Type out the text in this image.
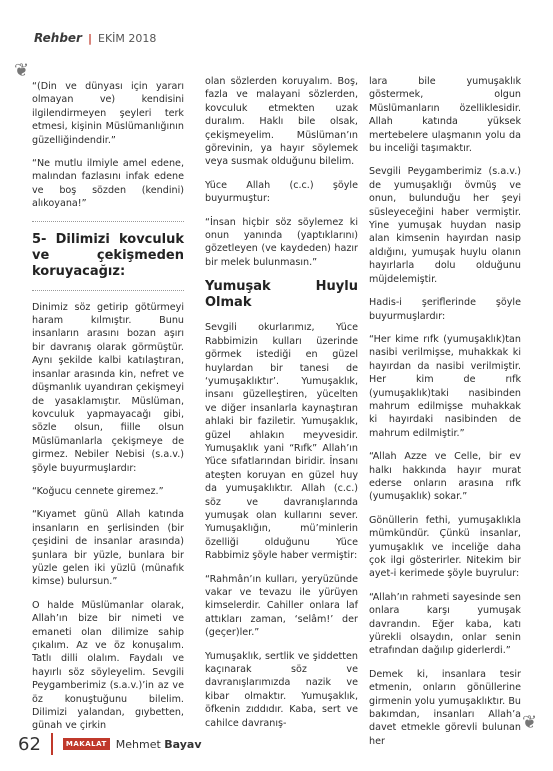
Rehber | EKİM 2018
❦
❦

“(Din ve dünyası için yararı olmayan ve) kendisini ilgilendirmeyen şeyleri terk etmesi, kişinin Müslümanlığının güzelliğindendir.”

“Ne mutlu ilmiyle amel edene, malından fazlasını infak edene ve boş sözden (kendini) alıkoyana!”

5- Dilimizi kovculuk ve çekişmeden koruyacağız:

Dinimiz söz getirip götürmeyi haram kılmıştır. Bunu insanların arasını bozan aşırı bir davranış olarak görmüştür. Aynı şekilde kalbi katılaştıran, insanlar arasında kin, nefret ve düşmanlık uyandıran çekişmeyi de yasaklamıştır. Müslüman, kovculuk yapmayacağı gibi, sözle olsun, fiille olsun Müslümanlarla çekişmeye de girmez. Nebiler Nebisi (s.a.v.) şöyle buyurmuşlardır:

“Koğucu cennete giremez.”

“Kıyamet günü Allah katında insanların en şerlisinden (bir çeşidini de insanlar arasında) şunlara bir yüzle, bunlara bir yüzle gelen iki yüzlü (münafık kimse) bulursun.”

O halde Müslümanlar olarak, Allah’ın bize bir nimeti ve emaneti olan dilimize sahip çıkalım. Az ve öz konuşalım. Tatlı dilli olalım. Faydalı ve hayırlı söz söyleyelim. Sevgili Peygamberimiz (s.a.v.)’in az ve öz konuştuğunu bilelim. Dilimizi yalandan, gıybetten, günah ve çirkin

olan sözlerden koruyalım. Boş, fazla ve malayani sözlerden, kovculuk etmekten uzak duralım. Haklı bile olsak, çekişmeyelim. Müslüman’ın görevinin, ya hayır söylemek veya susmak olduğunu bilelim.

Yüce Allah (c.c.) şöyle buyurmuştur:

“İnsan hiçbir söz söylemez ki onun yanında (yaptıklarını) gözetleyen (ve kaydeden) hazır bir melek bulunmasın.”

Yumuşak Huylu Olmak

Sevgili okurlarımız, Yüce Rabbimizin kulları üzerinde görmek istediği en güzel huylardan bir tanesi de ‘yumuşaklıktır’. Yumuşaklık, insanı güzelleştiren, yücelten ve diğer insanlarla kaynaştıran ahlaki bir faziletir. Yumuşaklık, güzel ahlakın meyvesidir. Yumuşaklık yani “Rıfk” Allah’ın Yüce sıfatlarından biridir. İnsanı ateşten koruyan en güzel huy da yumuşaklıktır. Allah (c.c.) söz ve davranışlarında yumuşak olan kullarını sever. Yumuşaklığın, mü’minlerin özelliği olduğunu Yüce Rabbimiz şöyle haber vermiştir:

“Rahmân’ın kulları, yeryüzünde vakar ve tevazu ile yürüyen kimselerdir. Cahiller onlara laf attıkları zaman, ‘selâm!’ der (geçer)ler.”

Yumuşaklık, sertlik ve şiddetten kaçınarak söz ve davranışlarımızda nazik ve kibar olmaktır. Yumuşaklık, öfkenin zıddıdır. Kaba, sert ve cahilce davranış-

lara bile yumuşaklık göstermek, olgun Müslümanların özelliklesidir. Allah katında yüksek mertebelere ulaşmanın yolu da bu inceliği taşımaktır.

Sevgili Peygamberimiz (s.a.v.) de yumuşaklığı övmüş ve onun, bulunduğu her şeyi süsleyeceğini haber vermiştir. Yine yumuşak huydan nasip alan kimsenin hayırdan nasip aldığını, yumuşak huylu olanın hayırlarla dolu olduğunu müjdelemiştir.

Hadis-i şeriflerinde şöyle buyurmuşlardır:

“Her kime rıfk (yumuşaklık)tan nasibi verilmişse, muhakkak ki hayırdan da nasibi verilmiştir. Her kim de rıfk (yumuşaklık)taki nasibinden mahrum edilmişse muhakkak ki hayırdaki nasibinden de mahrum edilmiştir.”

“Allah Azze ve Celle, bir ev halkı hakkında hayır murat ederse onların arasına rıfk (yumuşaklık) sokar.”

Gönüllerin fethi, yumuşaklıkla mümkündür. Çünkü insanlar, yumuşaklık ve inceliğe daha çok ilgi gösterirler. Nitekim bir ayet-i kerimede şöyle buyrulur:

“Allah’ın rahmeti sayesinde sen onlara karşı yumuşak davrandın. Eğer kaba, katı yürekli olsaydın, onlar senin etrafından dağılıp giderlerdi.”

Demek ki, insanlara tesir etmenin, onların gönüllerine girmenin yolu yumuşaklıktır. Bu bakımdan, insanları Allah’a davet etmekle görevli bulunan her

62	MAKALAT Mehmet Bayav
